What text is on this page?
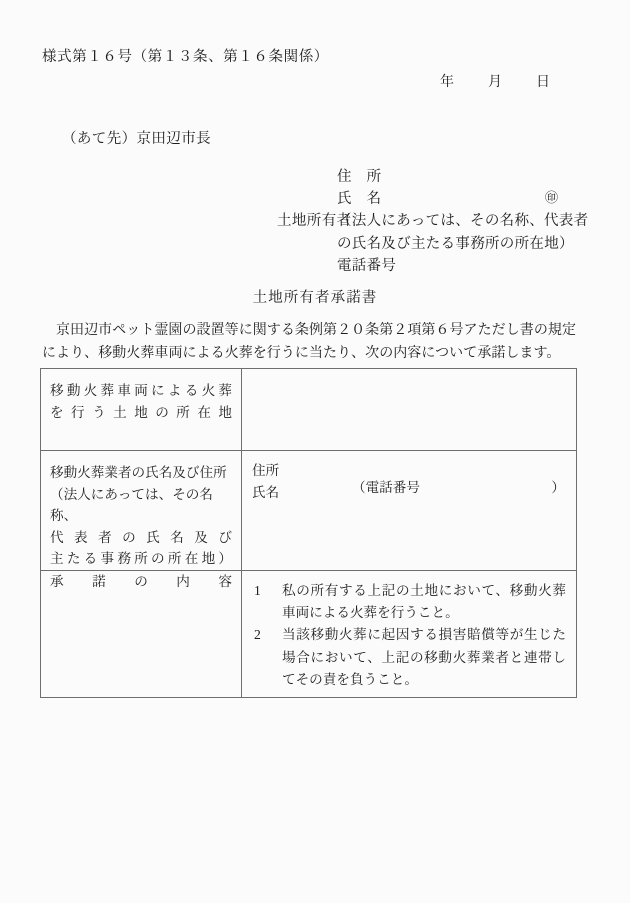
様式第１６号（第１３条、第１６条関係）
年 月 日
（あて先）京田辺市長
土地所有者
住　所
氏　名	㊞
（法人にあっては、その名称、代表者
の氏名及び主たる事務所の所在地）
電話番号
土地所有者承諾書
京田辺市ペット霊園の設置等に関する条例第２０条第２項第６号アただし書の規定により、移動火葬車両による火葬を行うに当たり、次の内容について承諾します。
移動火葬車両による火葬
を行う土地の所在地	

移動火葬業者の氏名及び住所
（法人にあっては、その名称、
代表者の氏名及び
主たる事務所の所在地）

住所
氏名	（電話番号	）

承諾の内容

1 私の所有する上記の土地において、移動火葬車両による火葬を行うこと。
2 当該移動火葬に起因する損害賠償等が生じた場合において、上記の移動火葬業者と連帯してその責を負うこと。
